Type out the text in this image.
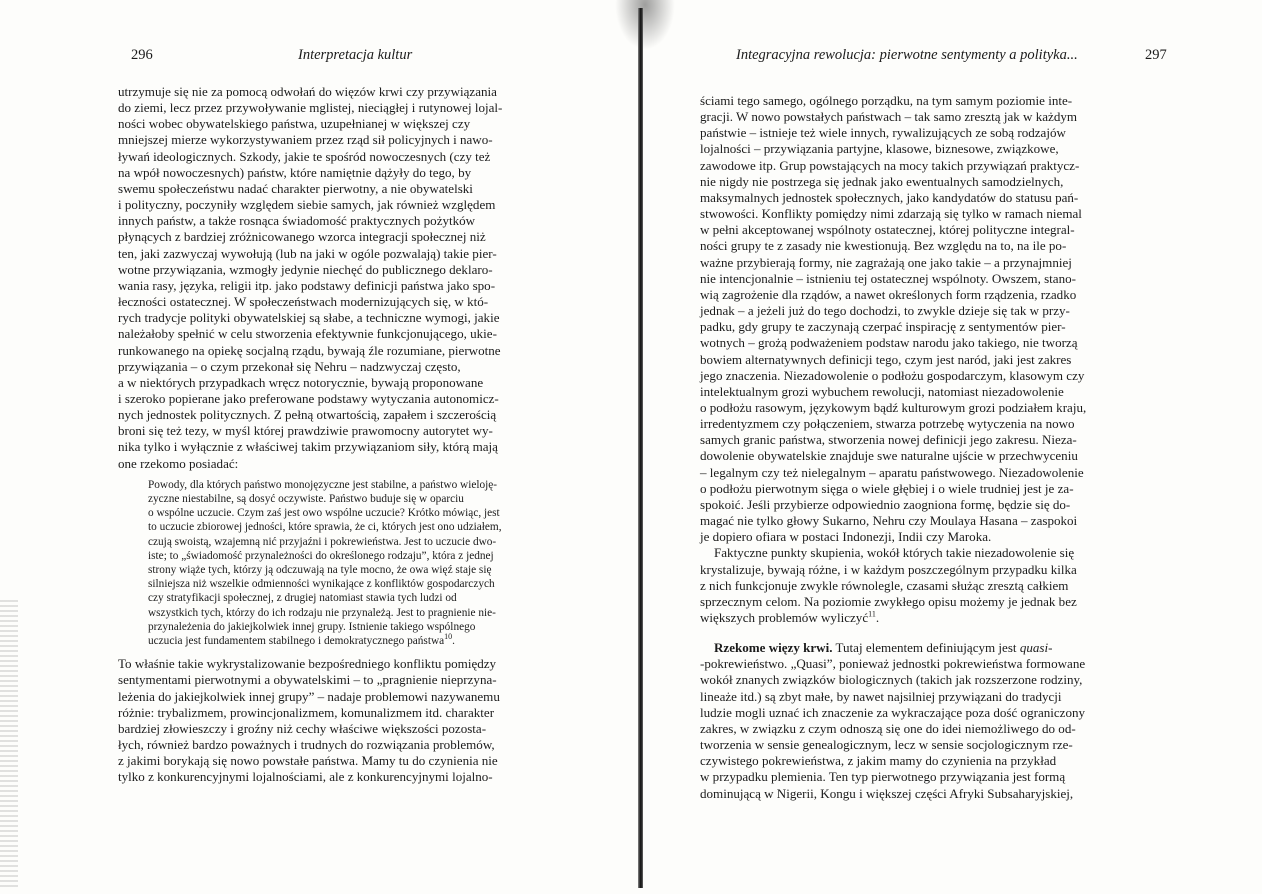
296	Interpretacja kultur

utrzymuje się nie za pomocą odwołań do więzów krwi czy przywiązania
do ziemi, lecz przez przywoływanie mglistej, nieciągłej i rutynowej lojal-
ności wobec obywatelskiego państwa, uzupełnianej w większej czy
mniejszej mierze wykorzystywaniem przez rząd sił policyjnych i nawo-
ływań ideologicznych. Szkody, jakie te spośród nowoczesnych (czy też
na wpół nowoczesnych) państw, które namiętnie dążyły do tego, by
swemu społeczeństwu nadać charakter pierwotny, a nie obywatelski
i polityczny, poczyniły względem siebie samych, jak również względem
innych państw, a także rosnąca świadomość praktycznych pożytków
płynących z bardziej zróżnicowanego wzorca integracji społecznej niż
ten, jaki zazwyczaj wywołują (lub na jaki w ogóle pozwalają) takie pier-
wotne przywiązania, wzmogły jedynie niechęć do publicznego deklaro-
wania rasy, języka, religii itp. jako podstawy definicji państwa jako spo-
łeczności ostatecznej. W społeczeństwach modernizujących się, w któ-
rych tradycje polityki obywatelskiej są słabe, a techniczne wymogi, jakie
należałoby spełnić w celu stworzenia efektywnie funkcjonującego, ukie-
runkowanego na opiekę socjalną rządu, bywają źle rozumiane, pierwotne
przywiązania – o czym przekonał się Nehru – nadzwyczaj często,
a w niektórych przypadkach wręcz notorycznie, bywają proponowane
i szeroko popierane jako preferowane podstawy wytyczania autonomicz-
nych jednostek politycznych. Z pełną otwartością, zapałem i szczerością
broni się też tezy, w myśl której prawdziwie prawomocny autorytet wy-
nika tylko i wyłącznie z właściwej takim przywiązaniom siły, którą mają
one rzekomo posiadać:

Powody, dla których państwo monojęzyczne jest stabilne, a państwo wieloję-
zyczne niestabilne, są dosyć oczywiste. Państwo buduje się w oparciu
o wspólne uczucie. Czym zaś jest owo wspólne uczucie? Krótko mówiąc, jest
to uczucie zbiorowej jedności, które sprawia, że ci, których jest ono udziałem,
czują swoistą, wzajemną nić przyjaźni i pokrewieństwa. Jest to uczucie dwo-
iste; to „świadomość przynależności do określonego rodzaju”, która z jednej
strony wiąże tych, którzy ją odczuwają na tyle mocno, że owa więź staje się
silniejsza niż wszelkie odmienności wynikające z konfliktów gospodarczych
czy stratyfikacji społecznej, z drugiej natomiast stawia tych ludzi od
wszystkich tych, którzy do ich rodzaju nie przynależą. Jest to pragnienie nie-
przynależenia do jakiejkolwiek innej grupy. Istnienie takiego wspólnego
uczucia jest fundamentem stabilnego i demokratycznego państwa$^{10}$.

To właśnie takie wykrystalizowanie bezpośredniego konfliktu pomiędzy
sentymentami pierwotnymi a obywatelskimi – to „pragnienie nieprzyna-
leżenia do jakiejkolwiek innej grupy” – nadaje problemowi nazywanemu
różnie: trybalizmem, prowincjonalizmem, komunalizmem itd. charakter
bardziej złowieszczy i groźny niż cechy właściwe większości pozosta-
łych, również bardzo poważnych i trudnych do rozwiązania problemów,
z jakimi borykają się nowo powstałe państwa. Mamy tu do czynienia nie
tylko z konkurencyjnymi lojalnościami, ale z konkurencyjnymi lojalno-

Integracyjna rewolucja: pierwotne sentymenty a polityka...	297

ściami tego samego, ogólnego porządku, na tym samym poziomie inte-
gracji. W nowo powstałych państwach – tak samo zresztą jak w każdym
państwie – istnieje też wiele innych, rywalizujących ze sobą rodzajów
lojalności – przywiązania partyjne, klasowe, biznesowe, związkowe,
zawodowe itp. Grup powstających na mocy takich przywiązań praktycz-
nie nigdy nie postrzega się jednak jako ewentualnych samodzielnych,
maksymalnych jednostek społecznych, jako kandydatów do statusu pań-
stwowości. Konflikty pomiędzy nimi zdarzają się tylko w ramach niemal
w pełni akceptowanej wspólnoty ostatecznej, której polityczne integral-
ności grupy te z zasady nie kwestionują. Bez względu na to, na ile po-
ważne przybierają formy, nie zagrażają one jako takie – a przynajmniej
nie intencjonalnie – istnieniu tej ostatecznej wspólnoty. Owszem, stano-
wią zagrożenie dla rządów, a nawet określonych form rządzenia, rzadko
jednak – a jeżeli już do tego dochodzi, to zwykle dzieje się tak w przy-
padku, gdy grupy te zaczynają czerpać inspirację z sentymentów pier-
wotnych – grożą podważeniem podstaw narodu jako takiego, nie tworzą
bowiem alternatywnych definicji tego, czym jest naród, jaki jest zakres
jego znaczenia. Niezadowolenie o podłożu gospodarczym, klasowym czy
intelektualnym grozi wybuchem rewolucji, natomiast niezadowolenie
o podłożu rasowym, językowym bądź kulturowym grozi podziałem kraju,
irredentyzmem czy połączeniem, stwarza potrzebę wytyczenia na nowo
samych granic państwa, stworzenia nowej definicji jego zakresu. Nieza-
dowolenie obywatelskie znajduje swe naturalne ujście w przechwyceniu
– legalnym czy też nielegalnym – aparatu państwowego. Niezadowolenie
o podłożu pierwotnym sięga o wiele głębiej i o wiele trudniej jest je za-
spokoić. Jeśli przybierze odpowiednio zaogniona formę, będzie się do-
magać nie tylko głowy Sukarno, Nehru czy Moulaya Hasana – zaspokoi
je dopiero ofiara w postaci Indonezji, Indii czy Maroka.

Faktyczne punkty skupienia, wokół których takie niezadowolenie się
krystalizuje, bywają różne, i w każdym poszczególnym przypadku kilka
z nich funkcjonuje zwykle równolegle, czasami służąc zresztą całkiem
sprzecznym celom. Na poziomie zwykłego opisu możemy je jednak bez
większych problemów wyliczyć$^{11}$.

Rzekome więzy krwi. Tutaj elementem definiującym jest quasi-
-pokrewieństwo. „Quasi”, ponieważ jednostki pokrewieństwa formowane
wokół znanych związków biologicznych (takich jak rozszerzone rodziny,
lineaże itd.) są zbyt małe, by nawet najsilniej przywiązani do tradycji
ludzie mogli uznać ich znaczenie za wykraczające poza dość ograniczony
zakres, w związku z czym odnoszą się one do idei niemożliwego do od-
tworzenia w sensie genealogicznym, lecz w sensie socjologicznym rze-
czywistego pokrewieństwa, z jakim mamy do czynienia na przykład
w przypadku plemienia. Ten typ pierwotnego przywiązania jest formą
dominującą w Nigerii, Kongu i większej części Afryki Subsaharyjskiej,
